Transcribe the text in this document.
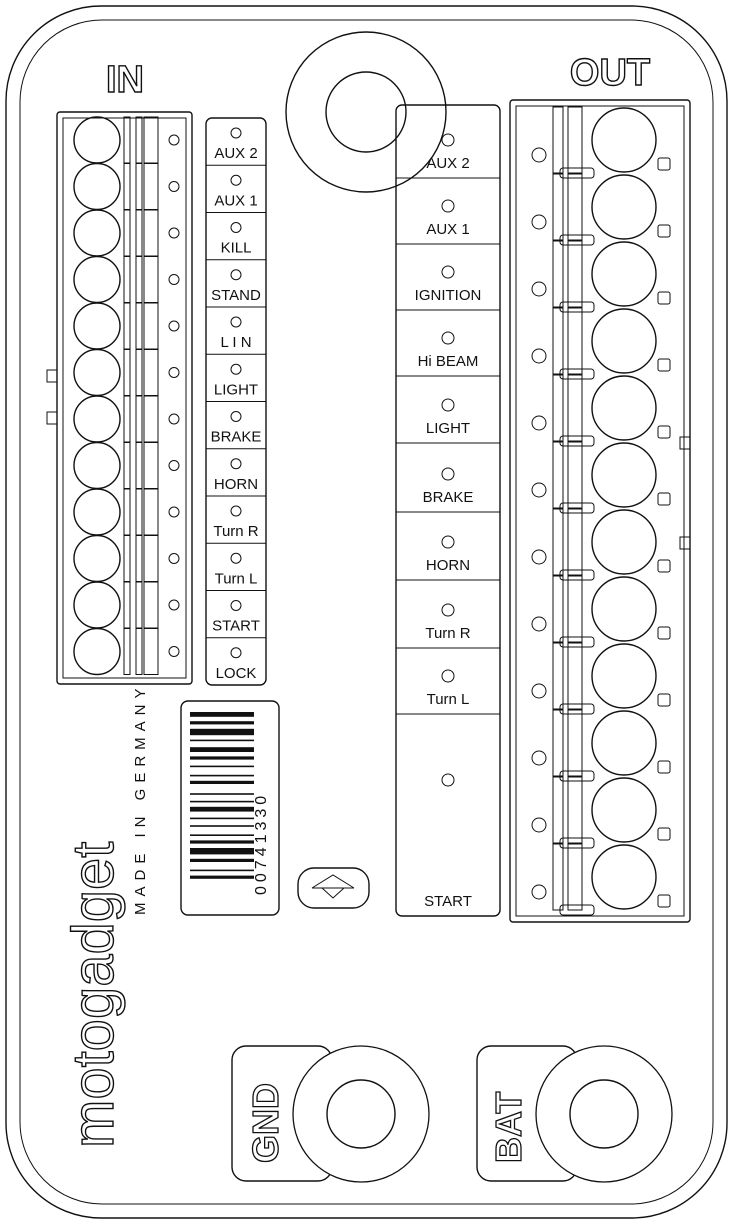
IN	OUT
AUX 2
AUX 1
KILL
STAND
L I N
LIGHT
BRAKE
HORN
Turn R
Turn L
START
LOCK
AUX 2
AUX 1
IGNITION
Hi BEAM
LIGHT
BRAKE
HORN
Turn R
Turn L
START
motogadget
MADE IN GERMANY	00741330
GND	BAT
